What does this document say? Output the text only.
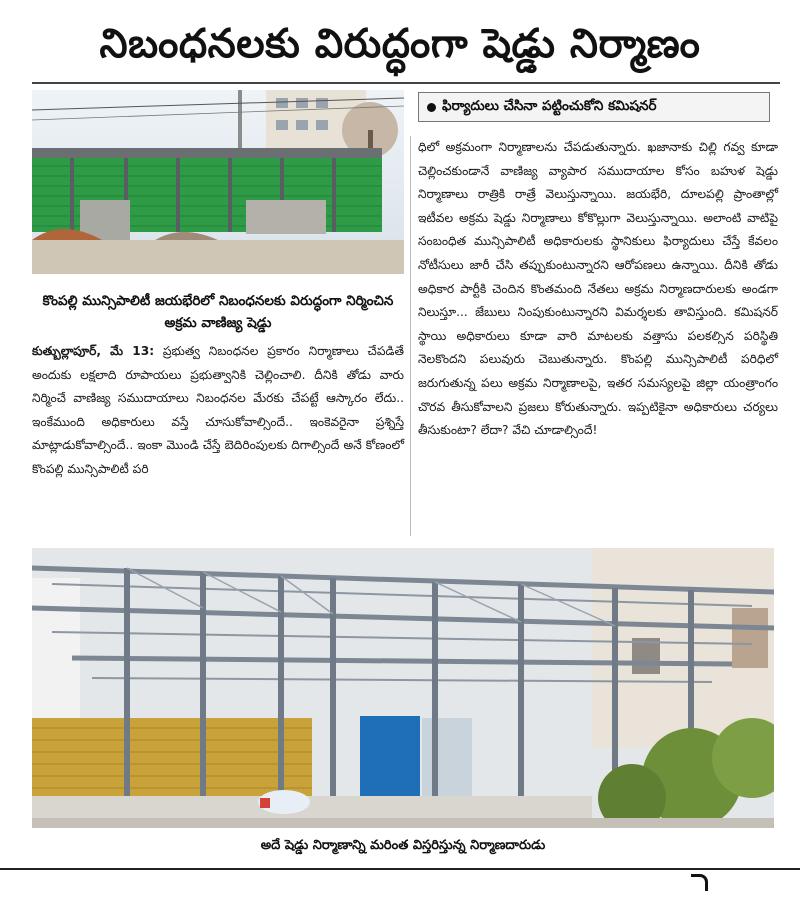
నిబంధనలకు విరుద్ధంగా షెడ్డు నిర్మాణం
కొంపల్లి మున్సిపాలిటీ జయభేరిలో నిబంధనలకు విరుద్ధంగా నిర్మించిన అక్రమ వాణిజ్య షెడ్డు
ఫిర్యాదులు చేసినా పట్టించుకోని కమిషనర్

ధిలో అక్రమంగా నిర్మాణాలను చేపడుతున్నారు. ఖజానాకు చిల్లి గవ్వ కూడా చెల్లించకుండానే వాణిజ్య వ్యాపార సముదాయాల కోసం బహుళ షెడ్డు నిర్మాణాలు రాత్రికి రాత్రే వెలుస్తున్నాయి. జయభేరి, దూలపల్లి ప్రాంతాల్లో ఇటీవల అక్రమ షెడ్డు నిర్మాణాలు కోకొల్లుగా వెలుస్తున్నాయి. అలాంటి వాటిపై సంబంధిత మున్సిపాలిటీ అధికారులకు స్థానికులు ఫిర్యాదులు చేస్తే కేవలం నోటీసులు జారీ చేసి తప్పుకుంటున్నారని ఆరోపణలు ఉన్నాయి. దీనికి తోడు అధికార పార్టీకి చెందిన కొంతమంది నేతలు అక్రమ నిర్మాణదారులకు అండగా నిలుస్తూ... జేబులు నింపుకుంటున్నారని విమర్శలకు తావిస్తుంది. కమిషనర్ స్థాయి అధికారులు కూడా వారి మాటలకు వత్తాసు పలకల్సిన పరిస్థితి నెలకొందని పలువురు చెబుతున్నారు. కొంపల్లి మున్సిపాలిటీ పరిధిలో జరుగుతున్న పలు అక్రమ నిర్మాణాలపై, ఇతర సమస్యలపై జిల్లా యంత్రాంగం చొరవ తీసుకోవాలని ప్రజలు కోరుతున్నారు. ఇప్పటికైనా అధికారులు చర్యలు తీసుకుంటా? లేదా? వేచి చూడాల్సిందే!

కుత్బుల్లాపూర్, మే 13: ప్రభుత్వ నిబంధనల ప్రకారం నిర్మాణాలు చేపడితే అందుకు లక్షలాది రూపాయలు ప్రభుత్వానికి చెల్లించాలి. దీనికి తోడు వారు నిర్మించే వాణిజ్య సముదాయాలు నిబంధనల మేరకు చేపట్టే ఆస్కారం లేదు.. ఇంకేముంది అధికారులు వస్తే చూసుకోవాల్సిందే.. ఇంకెవరైనా ప్రశ్నిస్తే మాట్లాడుకోవాల్సిందే.. ఇంకా మొండి చేస్తే బెదిరింపులకు దిగాల్సిందే అనే కోణంలో కొంపల్లి మున్సిపాలిటీ పరి

అదే షెడ్డు నిర్మాణాన్ని మరింత విస్తరిస్తున్న నిర్మాణదారుడు
